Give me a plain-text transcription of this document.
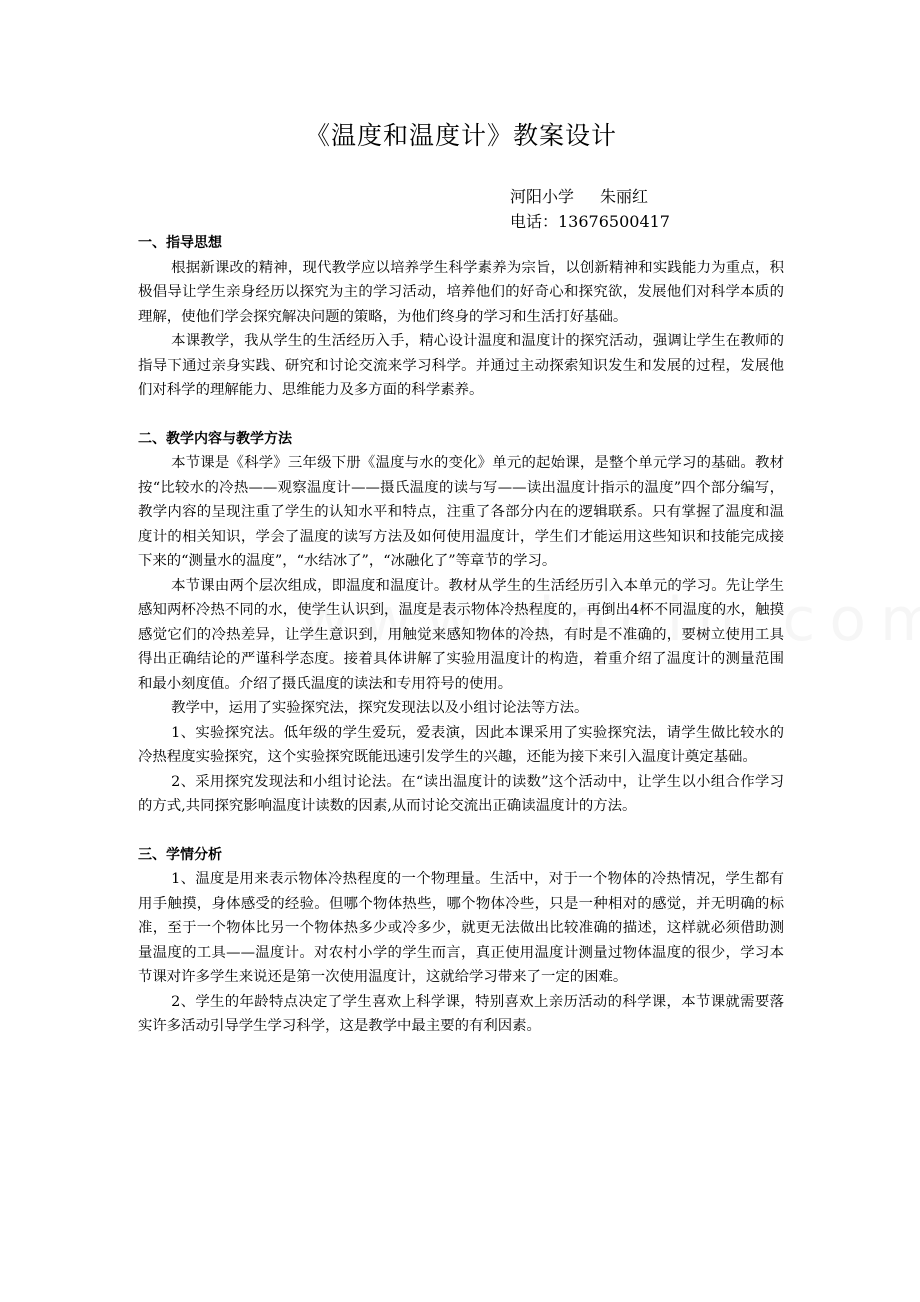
《温度和温度计》教案设计
河阳小学 朱丽红
电话：13676500417
一、指导思想

根据新课改的精神，现代教学应以培养学生科学素养为宗旨，以创新精神和实践能力为重点，积极倡导让学生亲身经历以探究为主的学习活动，培养他们的好奇心和探究欲，发展他们对科学本质的理解，使他们学会探究解决问题的策略，为他们终身的学习和生活打好基础。

本课教学，我从学生的生活经历入手，精心设计温度和温度计的探究活动，强调让学生在教师的指导下通过亲身实践、研究和讨论交流来学习科学。并通过主动探索知识发生和发展的过程，发展他们对科学的理解能力、思维能力及多方面的科学素养。

二、教学内容与教学方法

本节课是《科学》三年级下册《温度与水的变化》单元的起始课，是整个单元学习的基础。教材按“比较水的冷热——观察温度计——摄氏温度的读与写——读出温度计指示的温度”四个部分编写，教学内容的呈现注重了学生的认知水平和特点，注重了各部分内在的逻辑联系。只有掌握了温度和温度计的相关知识，学会了温度的读写方法及如何使用温度计，学生们才能运用这些知识和技能完成接下来的“测量水的温度”，“水结冰了”，“冰融化了”等章节的学习。

本节课由两个层次组成，即温度和温度计。教材从学生的生活经历引入本单元的学习。先让学生感知两杯冷热不同的水，使学生认识到，温度是表示物体冷热程度的，再倒出4杯不同温度的水，触摸感觉它们的冷热差异，让学生意识到，用触觉来感知物体的冷热，有时是不准确的，要树立使用工具得出正确结论的严谨科学态度。接着具体讲解了实验用温度计的构造，着重介绍了温度计的测量范围和最小刻度值。介绍了摄氏温度的读法和专用符号的使用。

教学中，运用了实验探究法，探究发现法以及小组讨论法等方法。

1、实验探究法。低年级的学生爱玩，爱表演，因此本课采用了实验探究法，请学生做比较水的冷热程度实验探究，这个实验探究既能迅速引发学生的兴趣，还能为接下来引入温度计奠定基础。

2、采用探究发现法和小组讨论法。在“读出温度计的读数”这个活动中，让学生以小组合作学习的方式,共同探究影响温度计读数的因素,从而讨论交流出正确读温度计的方法。

三、学情分析

1、温度是用来表示物体冷热程度的一个物理量。生活中，对于一个物体的冷热情况，学生都有用手触摸，身体感受的经验。但哪个物体热些，哪个物体冷些，只是一种相对的感觉，并无明确的标准，至于一个物体比另一个物体热多少或冷多少，就更无法做出比较准确的描述，这样就必须借助测量温度的工具——温度计。对农村小学的学生而言，真正使用温度计测量过物体温度的很少，学习本节课对许多学生来说还是第一次使用温度计，这就给学习带来了一定的困难。

2、学生的年龄特点决定了学生喜欢上科学课，特别喜欢上亲历活动的科学课，本节课就需要落实许多活动引导学生学习科学，这是教学中最主要的有利因素。
